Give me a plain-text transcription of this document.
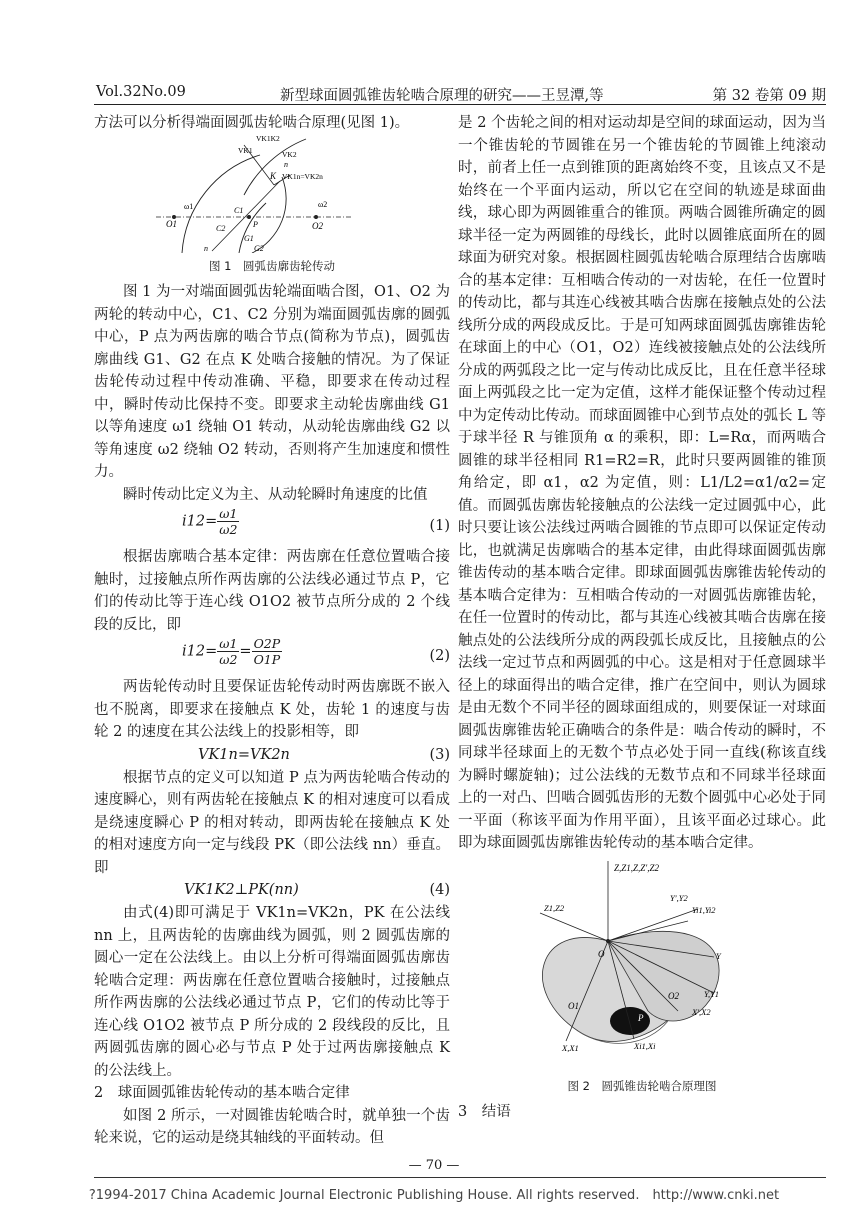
Vol.32No.09	新型球面圆弧锥齿轮啮合原理的研究——王昱潭,等	第 32 卷第 09 期

方法可以分析得端面圆弧齿轮啮合原理(见图 1)。

VK1K2
VK1	VK2
n
K VK1n=VK2n
ω1	ω2
O1	O2
C1
C2	P
G1
G2
n
图 1　圆弧齿廓齿轮传动

图 1 为一对端面圆弧齿轮端面啮合图，O1、O2 为两轮的转动中心，C1、C2 分别为端面圆弧齿廓的圆弧中心，P 点为两齿廓的啮合节点(简称为节点)，圆弧齿廓曲线 G1、G2 在点 K 处啮合接触的情况。为了保证齿轮传动过程中传动准确、平稳，即要求在传动过程中，瞬时传动比保持不变。即要求主动轮齿廓曲线 G1 以等角速度 ω1 绕轴 O1 转动，从动轮齿廓曲线 G2 以等角速度 ω2 绕轴 O2 转动，否则将产生加速度和惯性力。

瞬时传动比定义为主、从动轮瞬时角速度的比值

$i12= \frac{\omega 1}{\omega 2}$	(1)

根据齿廓啮合基本定律：两齿廓在任意位置啮合接触时，过接触点所作两齿廓的公法线必通过节点 P，它们的传动比等于连心线 O1O2 被节点所分成的 2 个线段的反比，即

$i12= \frac{\omega 1}{\omega 2} = \frac{O2P}{O1P}$	(2)

两齿轮传动时且要保证齿轮传动时两齿廓既不嵌入也不脱离，即要求在接触点 K 处，齿轮 1 的速度与齿轮 2 的速度在其公法线上的投影相等，即

VK1n=VK2n	(3)

根据节点的定义可以知道 P 点为两齿轮啮合传动的速度瞬心，则有两齿轮在接触点 K 的相对速度可以看成是绕速度瞬心 P 的相对转动，即两齿轮在接触点 K 处的相对速度方向一定与线段 PK（即公法线 nn）垂直。即

VK1K2⊥PK(nn)	(4)

由式(4)即可满足于 VK1n=VK2n，PK 在公法线 nn 上，且两齿轮的齿廓曲线为圆弧，则 2 圆弧齿廓的圆心一定在公法线上。由以上分析可得端面圆弧齿廓齿轮啮合定理：两齿廓在任意位置啮合接触时，过接触点所作两齿廓的公法线必通过节点 P，它们的传动比等于连心线 O1O2 被节点 P 所分成的 2 段线段的反比，且两圆弧齿廓的圆心必与节点 P 处于过两齿廓接触点 K 的公法线上。

2　球面圆弧锥齿轮传动的基本啮合定律

如图 2 所示，一对圆锥齿轮啮合时，就单独一个齿轮来说，它的运动是绕其轴线的平面转动。但

是 2 个齿轮之间的相对运动却是空间的球面运动，因为当一个锥齿轮的节圆锥在另一个锥齿轮的节圆锥上纯滚动时，前者上任一点到锥顶的距离始终不变，且该点又不是始终在一个平面内运动，所以它在空间的轨迹是球面曲线，球心即为两圆锥重合的锥顶。两啮合圆锥所确定的圆球半径一定为两圆锥的母线长，此时以圆锥底面所在的圆球面为研究对象。根据圆柱圆弧齿轮啮合原理结合齿廓啮合的基本定律：互相啮合传动的一对齿轮，在任一位置时的传动比，都与其连心线被其啮合齿廓在接触点处的公法线所分成的两段成反比。于是可知两球面圆弧齿廓锥齿轮在球面上的中心（O1，O2）连线被接触点处的公法线所分成的两弧段之比一定与传动比成反比，且在任意半径球面上两弧段之比一定为定值，这样才能保证整个传动过程中为定传动比传动。而球面圆锥中心到节点处的弧长 L 等于球半径 R 与锥顶角 α 的乘积，即：L=Rα，而两啮合圆锥的球半径相同 R1=R2=R，此时只要两圆锥的锥顶角给定，即 α1，α2 为定值，则：L1/L2=α1/α2=定值。而圆弧齿廓齿轮接触点的公法线一定过圆弧中心，此时只要让该公法线过两啮合圆锥的节点即可以保证定传动比，也就满足齿廓啮合的基本定律，由此得球面圆弧齿廓锥齿传动的基本啮合定律。即球面圆弧齿廓锥齿轮传动的基本啮合定律为：互相啮合传动的一对圆弧齿廓锥齿轮，在任一位置时的传动比，都与其连心线被其啮合齿廓在接触点处的公法线所分成的两段弧长成反比，且接触点的公法线一定过节点和两圆弧的中心。这是相对于任意圆球半径上的球面得出的啮合定律，推广在空间中，则认为圆球是由无数个不同半径的圆球面组成的，则要保证一对球面圆弧齿廓锥齿轮正确啮合的条件是：啮合传动的瞬时，不同球半径球面上的无数个节点必处于同一直线(称该直线为瞬时螺旋轴)；过公法线的无数节点和不同球半径球面上的一对凸、凹啮合圆弧齿形的无数个圆弧中心必处于同一平面（称该平面为作用平面），且该平面必过球心。此即为球面圆弧齿廓锥齿轮传动的基本啮合定律。

Z,Z1,Z,Z′,Z2
Z1,Z2
Y′,Y2
Yi1,Yi2
Y
Y,Y1
X′,X2
O
O1
O2
P
X,X1	Xi1,Xi
图 2　圆弧锥齿轮啮合原理图

3　结语

— 70 —
?1994-2017 China Academic Journal Electronic Publishing House. All rights reserved.　http://www.cnki.net
